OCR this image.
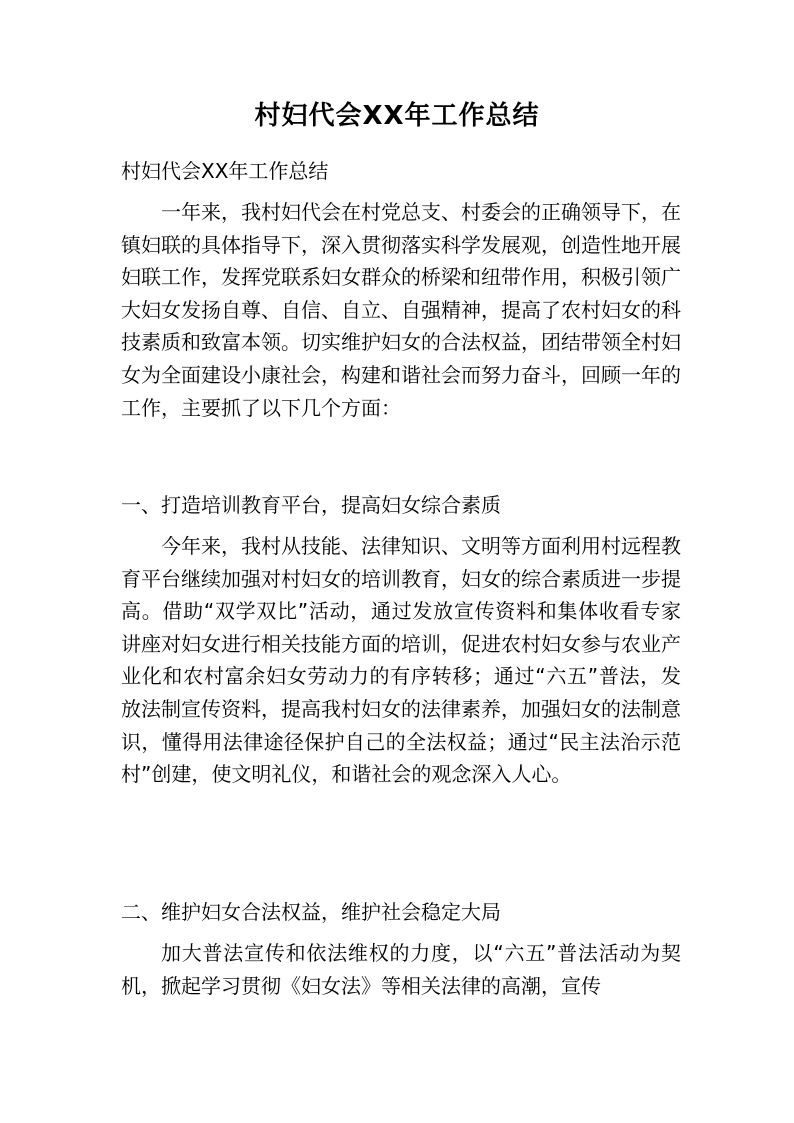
村妇代会XX年工作总结
村妇代会XX年工作总结
一年来，我村妇代会在村党总支、村委会的正确领导下，在镇妇联的具体指导下，深入贯彻落实科学发展观，创造性地开展妇联工作，发挥党联系妇女群众的桥梁和纽带作用，积极引领广大妇女发扬自尊、自信、自立、自强精神，提高了农村妇女的科技素质和致富本领。切实维护妇女的合法权益，团结带领全村妇女为全面建设小康社会，构建和谐社会而努力奋斗，回顾一年的工作，主要抓了以下几个方面：
一、打造培训教育平台，提高妇女综合素质
今年来，我村从技能、法律知识、文明等方面利用村远程教育平台继续加强对村妇女的培训教育，妇女的综合素质进一步提高。借助“双学双比”活动，通过发放宣传资料和集体收看专家讲座对妇女进行相关技能方面的培训，促进农村妇女参与农业产业化和农村富余妇女劳动力的有序转移；通过“六五”普法，发放法制宣传资料，提高我村妇女的法律素养，加强妇女的法制意识，懂得用法律途径保护自己的全法权益；通过“民主法治示范村”创建，使文明礼仪，和谐社会的观念深入人心。
二、维护妇女合法权益，维护社会稳定大局
加大普法宣传和依法维权的力度，以“六五”普法活动为契机，掀起学习贯彻《妇女法》等相关法律的高潮，宣传
